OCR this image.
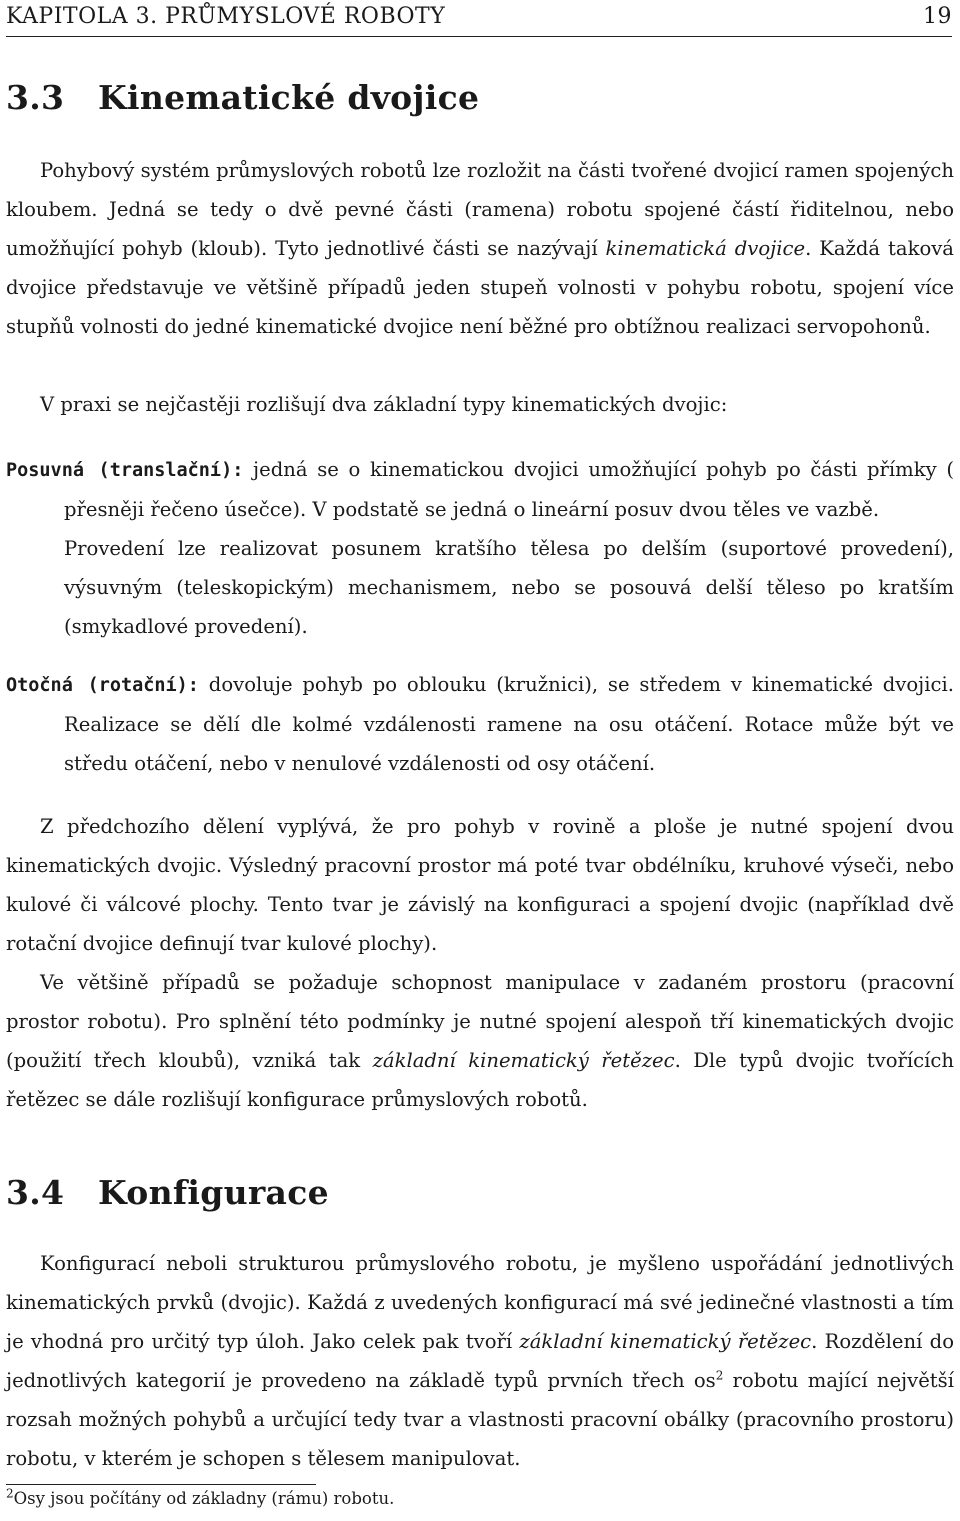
KAPITOLA 3. PRŮMYSLOVÉ ROBOTY	19
3.3 Kinematické dvojice

Pohybový systém průmyslových robotů lze rozložit na části tvořené dvojicí ramen spojených kloubem. Jedná se tedy o dvě pevné části (ramena) robotu spojené částí řiditelnou, nebo umožňující pohyb (kloub). Tyto jednotlivé části se nazývají kinematická dvojice. Každá taková dvojice představuje ve většině případů jeden stupeň volnosti v pohybu robotu, spojení více stupňů volnosti do jedné kinematické dvojice není běžné pro obtížnou realizaci servopohonů.

V praxi se nejčastěji rozlišují dva základní typy kinematických dvojic:

Posuvná (translační): jedná se o kinematickou dvojici umožňující pohyb po části přímky ( přesněji řečeno úsečce). V podstatě se jedná o lineární posuv dvou těles ve vazbě.
Provedení lze realizovat posunem kratšího tělesa po delším (suportové provedení), výsuvným (teleskopickým) mechanismem, nebo se posouvá delší těleso po kratším (smykadlové provedení).
Otočná (rotační): dovoluje pohyb po oblouku (kružnici), se středem v kinematické dvojici. Realizace se dělí dle kolmé vzdálenosti ramene na osu otáčení. Rotace může být ve středu otáčení, nebo v nenulové vzdálenosti od osy otáčení.

Z předchozího dělení vyplývá, že pro pohyb v rovině a ploše je nutné spojení dvou kinematických dvojic. Výsledný pracovní prostor má poté tvar obdélníku, kruhové výseči, nebo kulové či válcové plochy. Tento tvar je závislý na konfiguraci a spojení dvojic (například dvě rotační dvojice definují tvar kulové plochy).

Ve většině případů se požaduje schopnost manipulace v zadaném prostoru (pracovní prostor robotu). Pro splnění této podmínky je nutné spojení alespoň tří kinematických dvojic (použití třech kloubů), vzniká tak základní kinematický řetězec. Dle typů dvojic tvořících řetězec se dále rozlišují konfigurace průmyslových robotů.

3.4 Konfigurace

Konfigurací neboli strukturou průmyslového robotu, je myšleno uspořádání jednotlivých kinematických prvků (dvojic). Každá z uvedených konfigurací má své jedinečné vlastnosti a tím je vhodná pro určitý typ úloh. Jako celek pak tvoří základní kinematický řetězec. Rozdělení do jednotlivých kategorií je provedeno na základě typů prvních třech $os^2$ robotu mající největší rozsah možných pohybů a určující tedy tvar a vlastnosti pracovní obálky (pracovního prostoru) robotu, v kterém je schopen s tělesem manipulovat.

$^2$Osy jsou počítány od základny (rámu) robotu.
